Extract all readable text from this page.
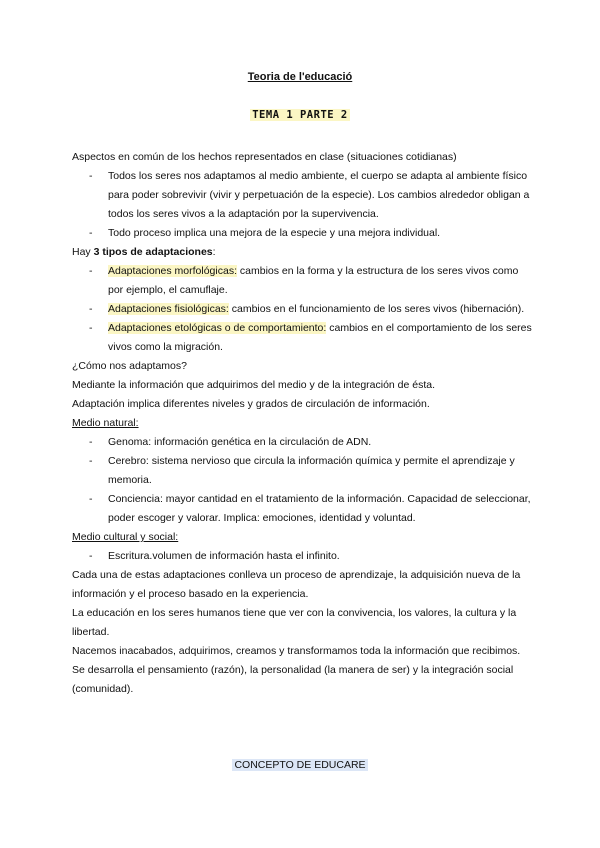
Teoria de l'educació
TEMA 1 PARTE 2

Aspectos en común de los hechos representados en clase (situaciones cotidianas)

- Todos los seres nos adaptamos al medio ambiente, el cuerpo se adapta al ambiente físico para poder sobrevivir (vivir y perpetuación de la especie). Los cambios alrededor obligan a todos los seres vivos a la adaptación por la supervivencia.
- Todo proceso implica una mejora de la especie y una mejora individual.

Hay 3 tipos de adaptaciones:

- Adaptaciones morfológicas: cambios en la forma y la estructura de los seres vivos como por ejemplo, el camuflaje.
- Adaptaciones fisiológicas: cambios en el funcionamiento de los seres vivos (hibernación).
- Adaptaciones etológicas o de comportamiento: cambios en el comportamiento de los seres vivos como la migración.

¿Cómo nos adaptamos?

Mediante la información que adquirimos del medio y de la integración de ésta.

Adaptación implica diferentes niveles y grados de circulación de información.

Medio natural:

- Genoma: información genética en la circulación de ADN.
- Cerebro: sistema nervioso que circula la información química y permite el aprendizaje y memoria.
- Conciencia: mayor cantidad en el tratamiento de la información. Capacidad de seleccionar, poder escoger y valorar. Implica: emociones, identidad y voluntad.

Medio cultural y social:

- Escritura.volumen de información hasta el infinito.

Cada una de estas adaptaciones conlleva un proceso de aprendizaje, la adquisición nueva de la información y el proceso basado en la experiencia.

La educación en los seres humanos tiene que ver con la convivencia, los valores, la cultura y la libertad.

Nacemos inacabados, adquirimos, creamos y transformamos toda la información que recibimos.

Se desarrolla el pensamiento (razón), la personalidad (la manera de ser) y la integración social (comunidad).

CONCEPTO DE EDUCARE
